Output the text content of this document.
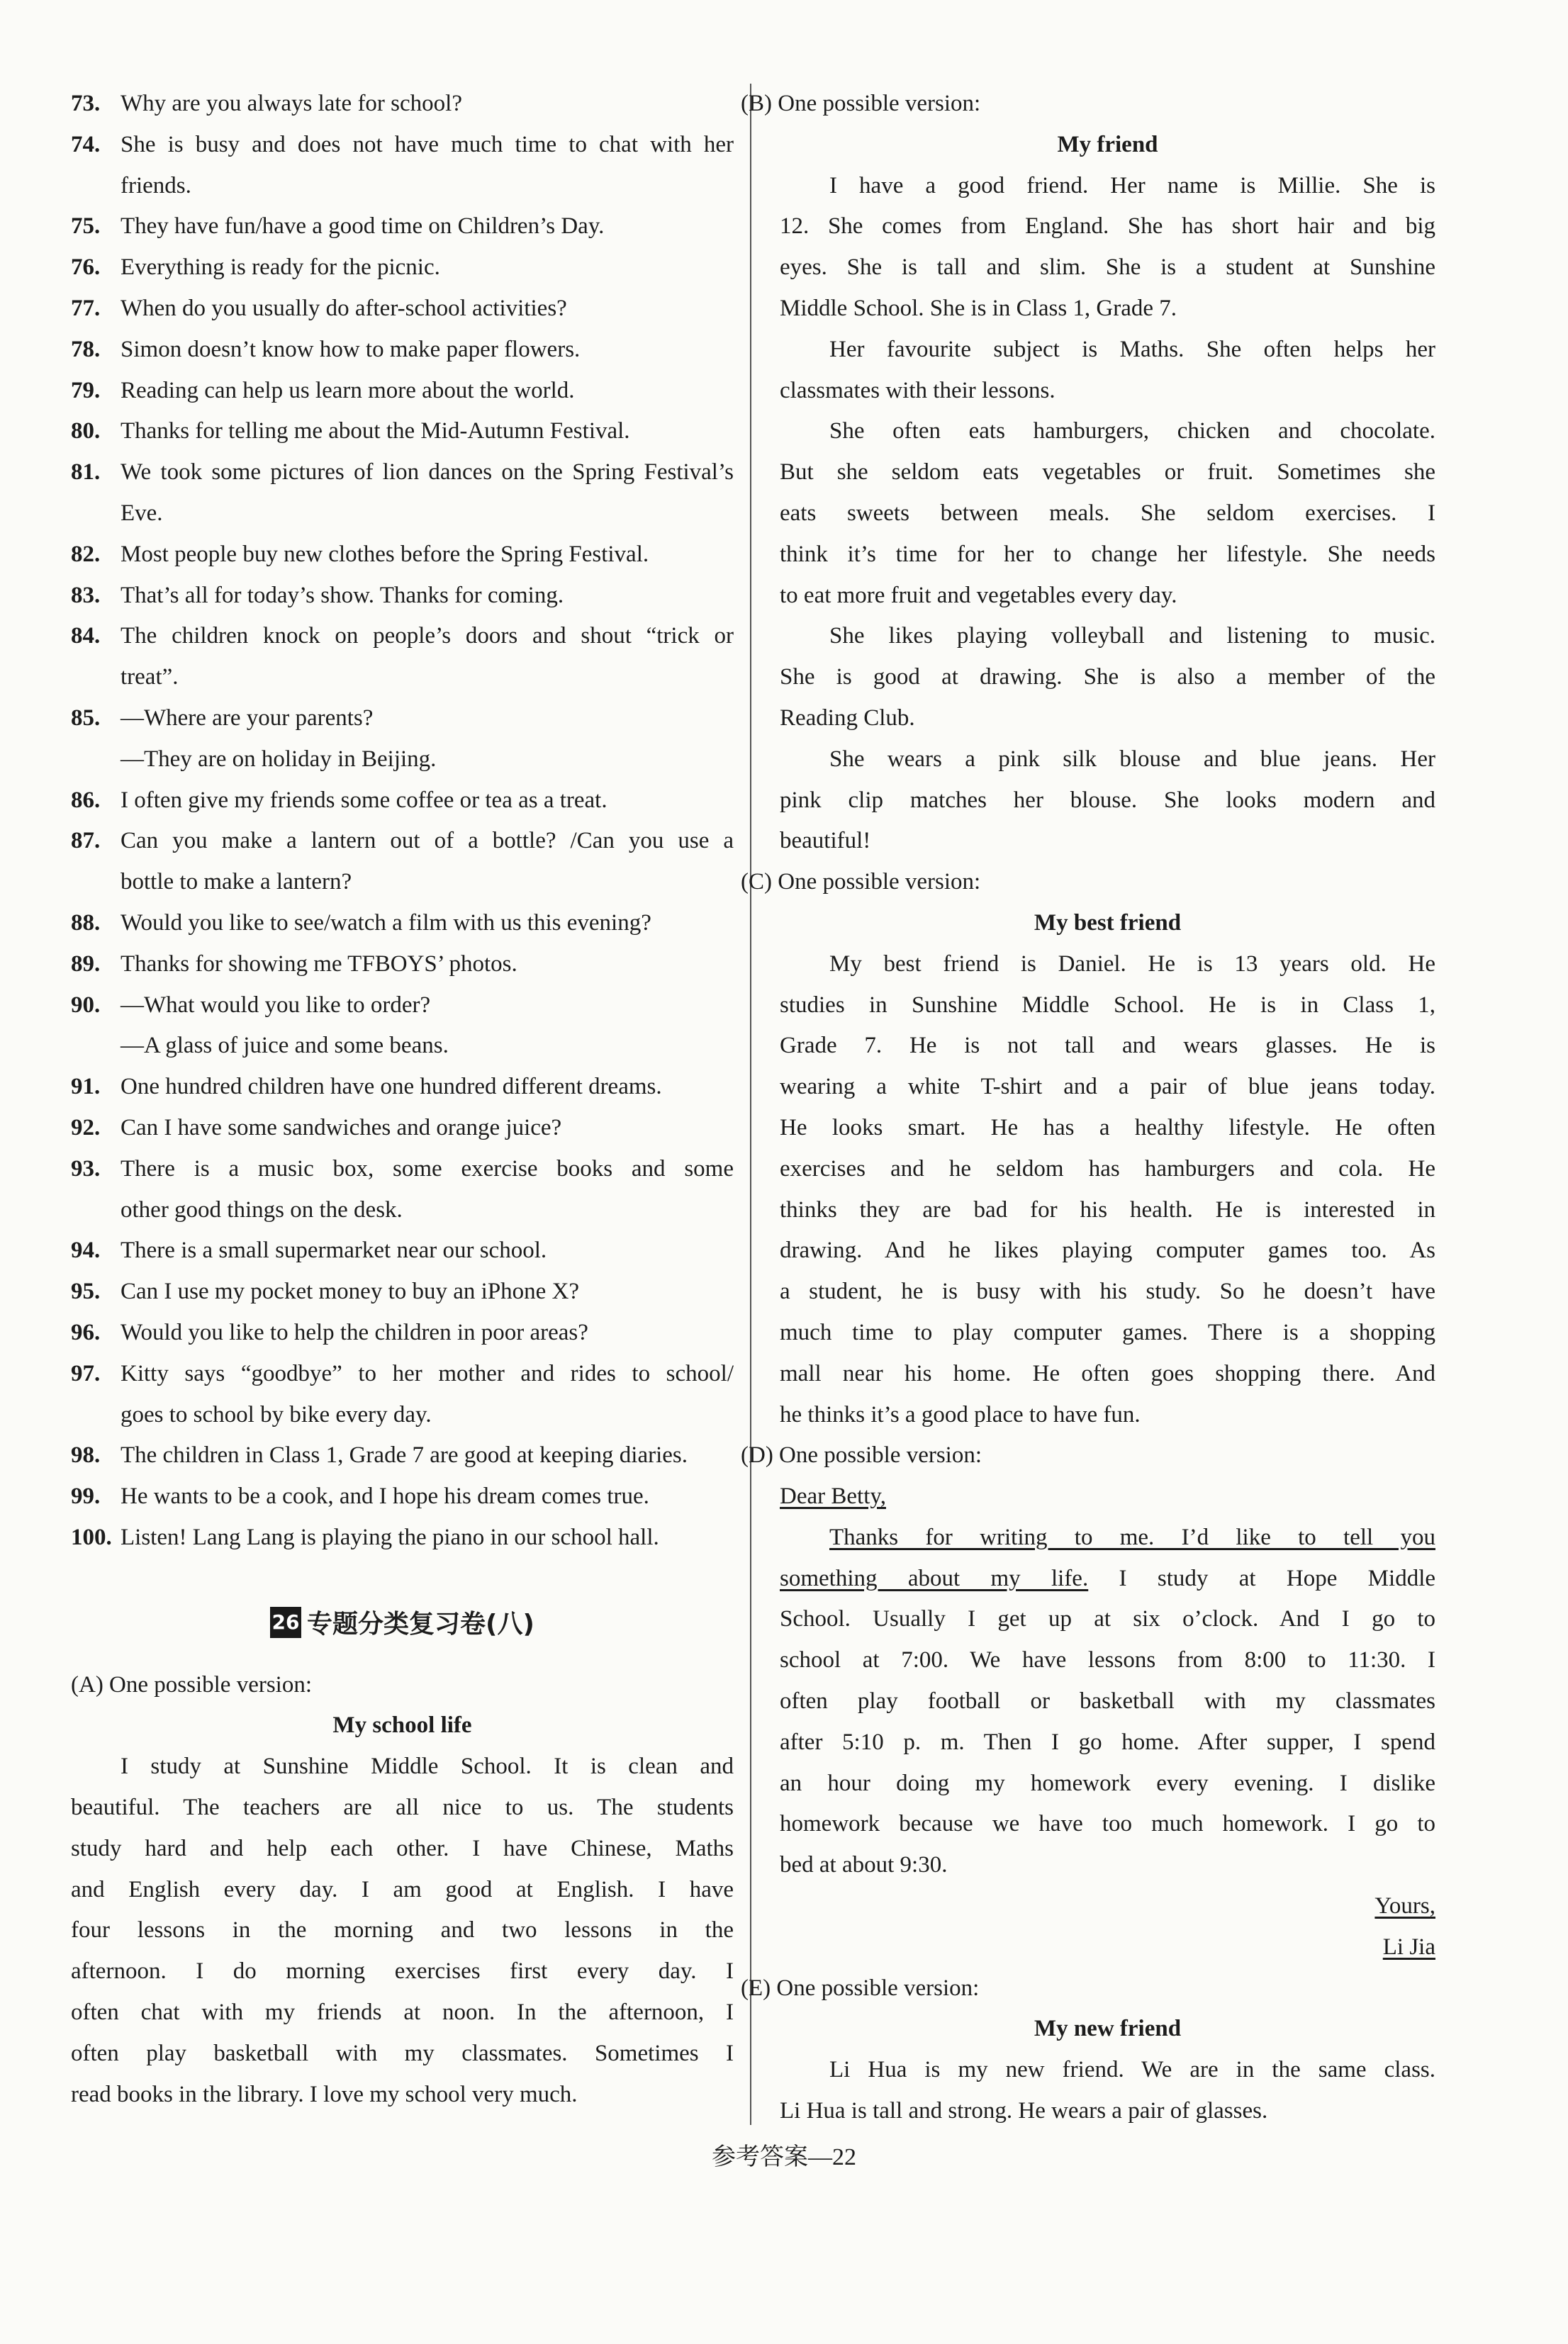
73. Why are you always late for school?
74. She is busy and does not have much time to chat with her
friends.
75. They have fun/have a good time on Children’s Day.
76. Everything is ready for the picnic.
77. When do you usually do after-school activities?
78. Simon doesn’t know how to make paper flowers.
79. Reading can help us learn more about the world.
80. Thanks for telling me about the Mid-Autumn Festival.
81. We took some pictures of lion dances on the Spring Festival’s
Eve.
82. Most people buy new clothes before the Spring Festival.
83. That’s all for today’s show. Thanks for coming.
84. The children knock on people’s doors and shout “trick or
treat”.
85. —Where are your parents?
—They are on holiday in Beijing.
86. I often give my friends some coffee or tea as a treat.
87. Can you make a lantern out of a bottle? /Can you use a
bottle to make a lantern?
88. Would you like to see/watch a film with us this evening?
89. Thanks for showing me TFBOYS’ photos.
90. —What would you like to order?
—A glass of juice and some beans.
91. One hundred children have one hundred different dreams.
92. Can I have some sandwiches and orange juice?
93. There is a music box, some exercise books and some
other good things on the desk.
94. There is a small supermarket near our school.
95. Can I use my pocket money to buy an iPhone X?
96. Would you like to help the children in poor areas?
97. Kitty says “goodbye” to her mother and rides to school/
goes to school by bike every day.
98. The children in Class 1, Grade 7 are good at keeping diaries.
99. He wants to be a cook, and I hope his dream comes true.
100. Listen! Lang Lang is playing the piano in our school hall.
26 专题分类复习卷(八)
(A) One possible version:
My school life
I study at Sunshine Middle School. It is clean and
beautiful. The teachers are all nice to us. The students
study hard and help each other. I have Chinese, Maths
and English every day. I am good at English. I have
four lessons in the morning and two lessons in the
afternoon. I do morning exercises first every day. I
often chat with my friends at noon. In the afternoon, I
often play basketball with my classmates. Sometimes I
read books in the library. I love my school very much.
(B) One possible version:
My friend
I have a good friend. Her name is Millie. She is
12. She comes from England. She has short hair and big
eyes. She is tall and slim. She is a student at Sunshine
Middle School. She is in Class 1, Grade 7.
Her favourite subject is Maths. She often helps her
classmates with their lessons.
She often eats hamburgers, chicken and chocolate.
But she seldom eats vegetables or fruit. Sometimes she
eats sweets between meals. She seldom exercises. I
think it’s time for her to change her lifestyle. She needs
to eat more fruit and vegetables every day.
She likes playing volleyball and listening to music.
She is good at drawing. She is also a member of the
Reading Club.
She wears a pink silk blouse and blue jeans. Her
pink clip matches her blouse. She looks modern and
beautiful!
(C) One possible version:
My best friend
My best friend is Daniel. He is 13 years old. He
studies in Sunshine Middle School. He is in Class 1,
Grade 7. He is not tall and wears glasses. He is
wearing a white T-shirt and a pair of blue jeans today.
He looks smart. He has a healthy lifestyle. He often
exercises and he seldom has hamburgers and cola. He
thinks they are bad for his health. He is interested in
drawing. And he likes playing computer games too. As
a student, he is busy with his study. So he doesn’t have
much time to play computer games. There is a shopping
mall near his home. He often goes shopping there. And
he thinks it’s a good place to have fun.
(D) One possible version:
Dear Betty,
Thanks for writing to me. I’d like to tell you
something about my life. I study at Hope Middle
School. Usually I get up at six o’clock. And I go to
school at 7:00. We have lessons from 8:00 to 11:30. I
often play football or basketball with my classmates
after 5:10 p. m. Then I go home. After supper, I spend
an hour doing my homework every evening. I dislike
homework because we have too much homework. I go to
bed at about 9:30.
Yours,
Li Jia
(E) One possible version:
My new friend
Li Hua is my new friend. We are in the same class.
Li Hua is tall and strong. He wears a pair of glasses.
参考答案—22
